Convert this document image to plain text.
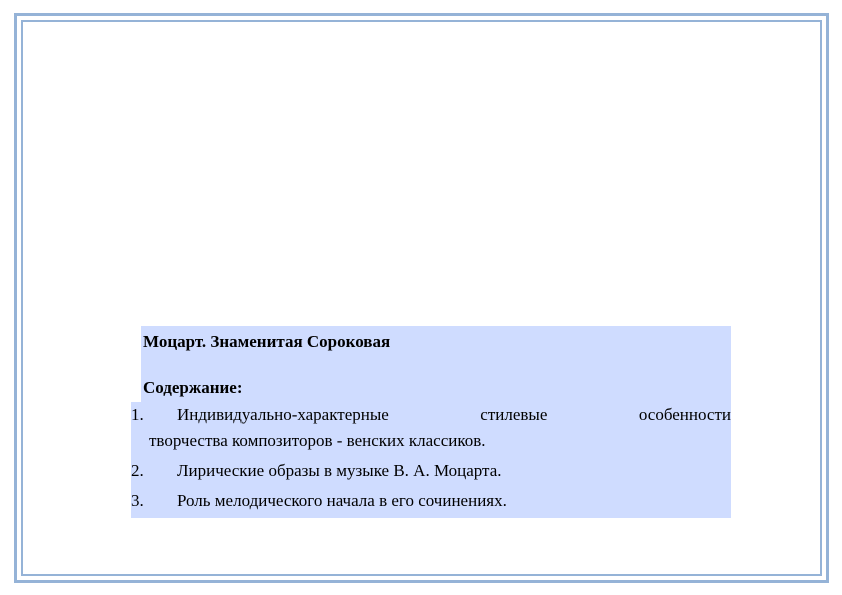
Моцарт. Знаменитая Сороковая
Содержание:
1.	Индивидуально-характерные	стилевые	особенности
творчества композиторов - венских классиков.
2.	Лирические образы в музыке В. А. Моцарта.
3.	Роль мелодического начала в его сочинениях.
